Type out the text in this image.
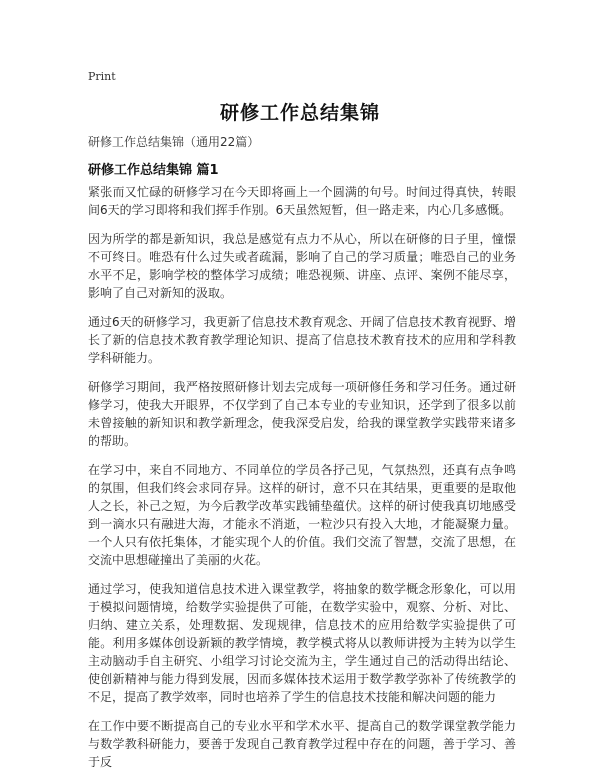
Print
研修工作总结集锦
研修工作总结集锦（通用22篇）
研修工作总结集锦 篇1

紧张而又忙碌的研修学习在今天即将画上一个圆满的句号。时间过得真快，转眼间6天的学习即将和我们挥手作别。6天虽然短暂，但一路走来，内心几多感慨。

因为所学的都是新知识，我总是感觉有点力不从心，所以在研修的日子里，憧憬不可终日。唯恐有什么过失或者疏漏，影响了自己的学习质量；唯恐自己的业务水平不足，影响学校的整体学习成绩；唯恐视频、讲座、点评、案例不能尽享，影响了自己对新知的汲取。

通过6天的研修学习，我更新了信息技术教育观念、开阔了信息技术教育视野、增长了新的信息技术教育教学理论知识、提高了信息技术教育技术的应用和学科教学科研能力。

研修学习期间，我严格按照研修计划去完成每一项研修任务和学习任务。通过研修学习，使我大开眼界，不仅学到了自己本专业的专业知识，还学到了很多以前未曾接触的新知识和教学新理念，使我深受启发，给我的课堂教学实践带来诸多的帮助。

在学习中，来自不同地方、不同单位的学员各抒己见，气氛热烈，还真有点争鸣的氛围，但我们终会求同存异。这样的研讨，意不只在其结果，更重要的是取他人之长，补己之短，为今后教学改革实践铺垫蕴伏。这样的研讨使我真切地感受到一滴水只有融进大海，才能永不消逝，一粒沙只有投入大地，才能凝聚力量。一个人只有依托集体，才能实现个人的价值。我们交流了智慧，交流了思想，在交流中思想碰撞出了美丽的火花。

通过学习，使我知道信息技术进入课堂教学，将抽象的数学概念形象化，可以用于模拟问题情境，给数学实验提供了可能，在数学实验中，观察、分析、对比、归纳、建立关系，处理数据、发现规律，信息技术的应用给数学实验提供了可能。利用多媒体创设新颖的教学情境，教学模式将从以教师讲授为主转为以学生主动脑动手自主研究、小组学习讨论交流为主，学生通过自己的活动得出结论、使创新精神与能力得到发展，因而多媒体技术运用于数学教学弥补了传统教学的不足，提高了教学效率，同时也培养了学生的信息技术技能和解决问题的能力

在工作中要不断提高自己的专业水平和学术水平、提高自己的数学课堂教学能力与数学教科研能力，要善于发现自己教育教学过程中存在的问题，善于学习、善于反
